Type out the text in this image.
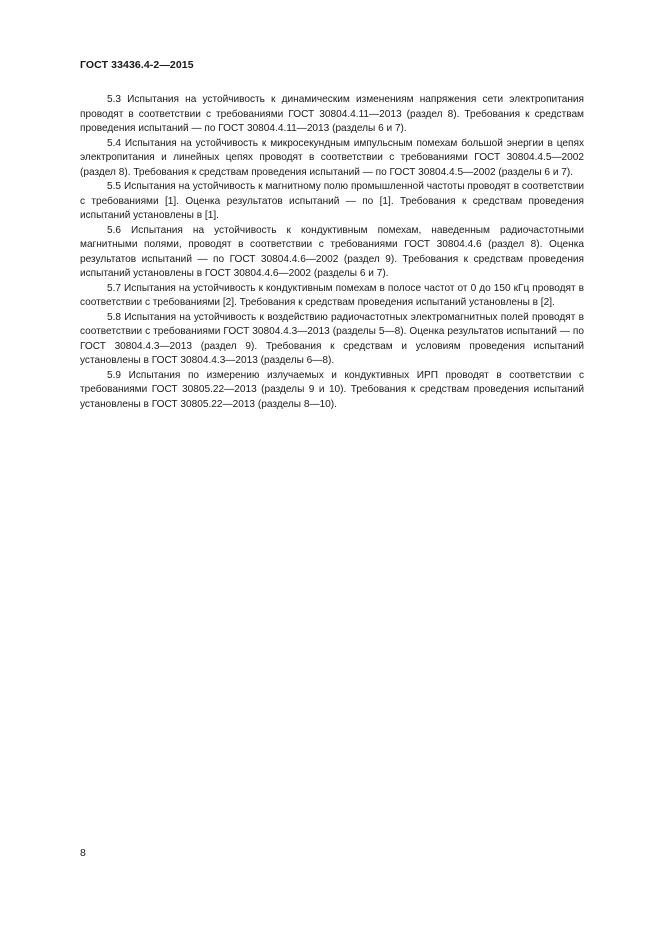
ГОСТ 33436.4-2—2015

5.3 Испытания на устойчивость к динамическим изменениям напряжения сети электропитания проводят в соответствии с требованиями ГОСТ 30804.4.11—2013 (раздел 8). Требования к средствам проведения испытаний — по ГОСТ 30804.4.11—2013 (разделы 6 и 7).

5.4 Испытания на устойчивость к микросекундным импульсным помехам большой энергии в цепях электропитания и линейных цепях проводят в соответствии с требованиями ГОСТ 30804.4.5—2002 (раздел 8). Требования к средствам проведения испытаний — по ГОСТ 30804.4.5—2002 (разделы 6 и 7).

5.5 Испытания на устойчивость к магнитному полю промышленной частоты проводят в соответствии с требованиями [1]. Оценка результатов испытаний — по [1]. Требования к средствам проведения испытаний установлены в [1].

5.6 Испытания на устойчивость к кондуктивным помехам, наведенным радиочастотными магнитными полями, проводят в соответствии с требованиями ГОСТ 30804.4.6 (раздел 8). Оценка результатов испытаний — по ГОСТ 30804.4.6—2002 (раздел 9). Требования к средствам проведения испытаний установлены в ГОСТ 30804.4.6—2002 (разделы 6 и 7).

5.7 Испытания на устойчивость к кондуктивным помехам в полосе частот от 0 до 150 кГц проводят в соответствии с требованиями [2]. Требования к средствам проведения испытаний установлены в [2].

5.8 Испытания на устойчивость к воздействию радиочастотных электромагнитных полей проводят в соответствии с требованиями ГОСТ 30804.4.3—2013 (разделы 5—8). Оценка результатов испытаний — по ГОСТ 30804.4.3—2013 (раздел 9). Требования к средствам и условиям проведения испытаний установлены в ГОСТ 30804.4.3—2013 (разделы 6—8).

5.9 Испытания по измерению излучаемых и кондуктивных ИРП проводят в соответствии с требованиями ГОСТ 30805.22—2013 (разделы 9 и 10). Требования к средствам проведения испытаний установлены в ГОСТ 30805.22—2013 (разделы 8—10).

8
